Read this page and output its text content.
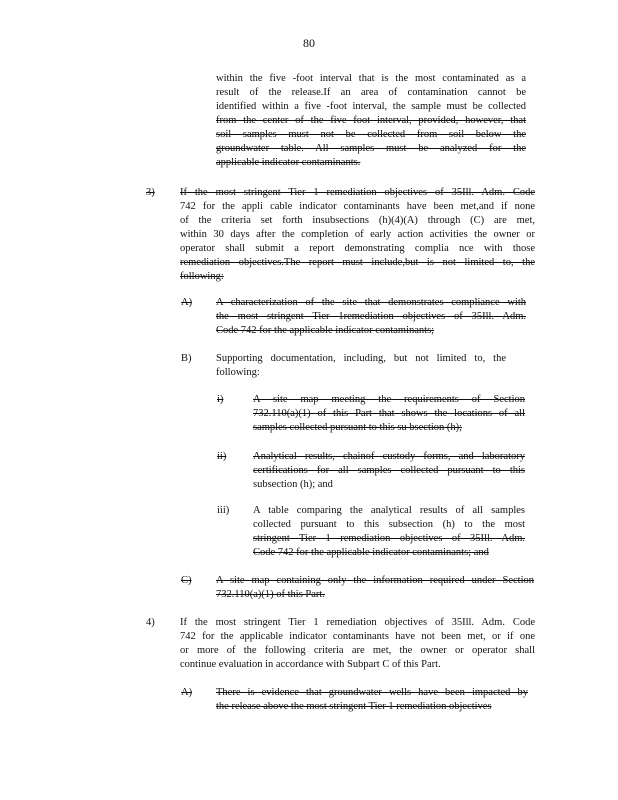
80
within the five -foot interval that is the most contaminated as a
result of the release.If an area of contamination cannot be
identified within a five -foot interval, the sample must be collected
from the center of the five foot interval, provided, however, that
soil samples must not be collected from soil below the
groundwater table. All samples must be analyzed for the
applicable indicator contaminants.
3) If the most stringent Tier 1 remediation objectives of 35Ill. Adm. Code
742 for the appli cable indicator contaminants have been met,and if none
of the criteria set forth insubsections (h)(4)(A) through (C) are met,
within 30 days after the completion of early action activities the owner or
operator shall submit a report demonstrating complia nce with those
remediation objectives.The report must include,but is not limited to, the
following:
A) A characterization of the site that demonstrates compliance with
the most stringent Tier 1remediation objectives of 35Ill. Adm.
Code 742 for the applicable indicator contaminants;
B) Supporting documentation, including, but not limited to, the
following:
i)	A site map meeting the requirements of Section
732.110(a)(1) of this Part that shows the locations of all
samples collected pursuant to this su bsection (h);
ii)	Analytical results, chainof custody forms, and laboratory
certifications for all samples collected pursuant to this
subsection (h); and
iii) A table comparing the analytical results of all samples
collected pursuant to this subsection (h) to the most
stringent Tier 1 remediation objectives of 35Ill. Adm.
Code 742 for the applicable indicator contaminants; and
C) A site map containing only the information required under Section
732.110(a)(1) of this Part.
4) If the most stringent Tier 1 remediation objectives of 35Ill. Adm. Code
742 for the applicable indicator contaminants have not been met, or if one
or more of the following criteria are met, the owner or operator shall
continue evaluation in accordance with Subpart C of this Part.
A) There is evidence that groundwater wells have been impacted by
the release above the most stringent Tier 1 remediation objectives
